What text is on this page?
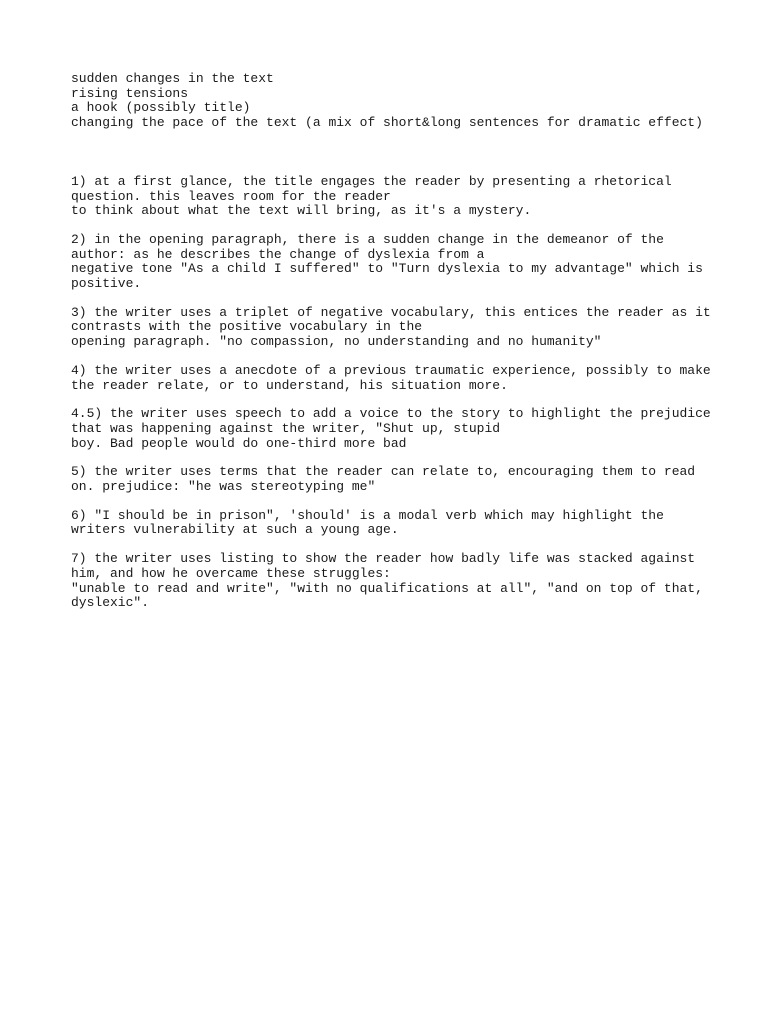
sudden changes in the text
rising tensions
a hook (possibly title)
changing the pace of the text (a mix of short&long sentences for dramatic effect)
1) at a first glance, the title engages the reader by presenting a rhetorical
question. this leaves room for the reader
to think about what the text will bring, as it's a mystery.
2) in the opening paragraph, there is a sudden change in the demeanor of the
author: as he describes the change of dyslexia from a
negative tone "As a child I suffered" to "Turn dyslexia to my advantage" which is
positive.
3) the writer uses a triplet of negative vocabulary, this entices the reader as it
contrasts with the positive vocabulary in the
opening paragraph. "no compassion, no understanding and no humanity"
4) the writer uses a anecdote of a previous traumatic experience, possibly to make
the reader relate, or to understand, his situation more.
4.5) the writer uses speech to add a voice to the story to highlight the prejudice
that was happening against the writer, "Shut up, stupid
boy. Bad people would do one-third more bad
5) the writer uses terms that the reader can relate to, encouraging them to read
on. prejudice: "he was stereotyping me"
6) "I should be in prison", 'should' is a modal verb which may highlight the
writers vulnerability at such a young age.
7) the writer uses listing to show the reader how badly life was stacked against
him, and how he overcame these struggles:
"unable to read and write", "with no qualifications at all", "and on top of that,
dyslexic".
